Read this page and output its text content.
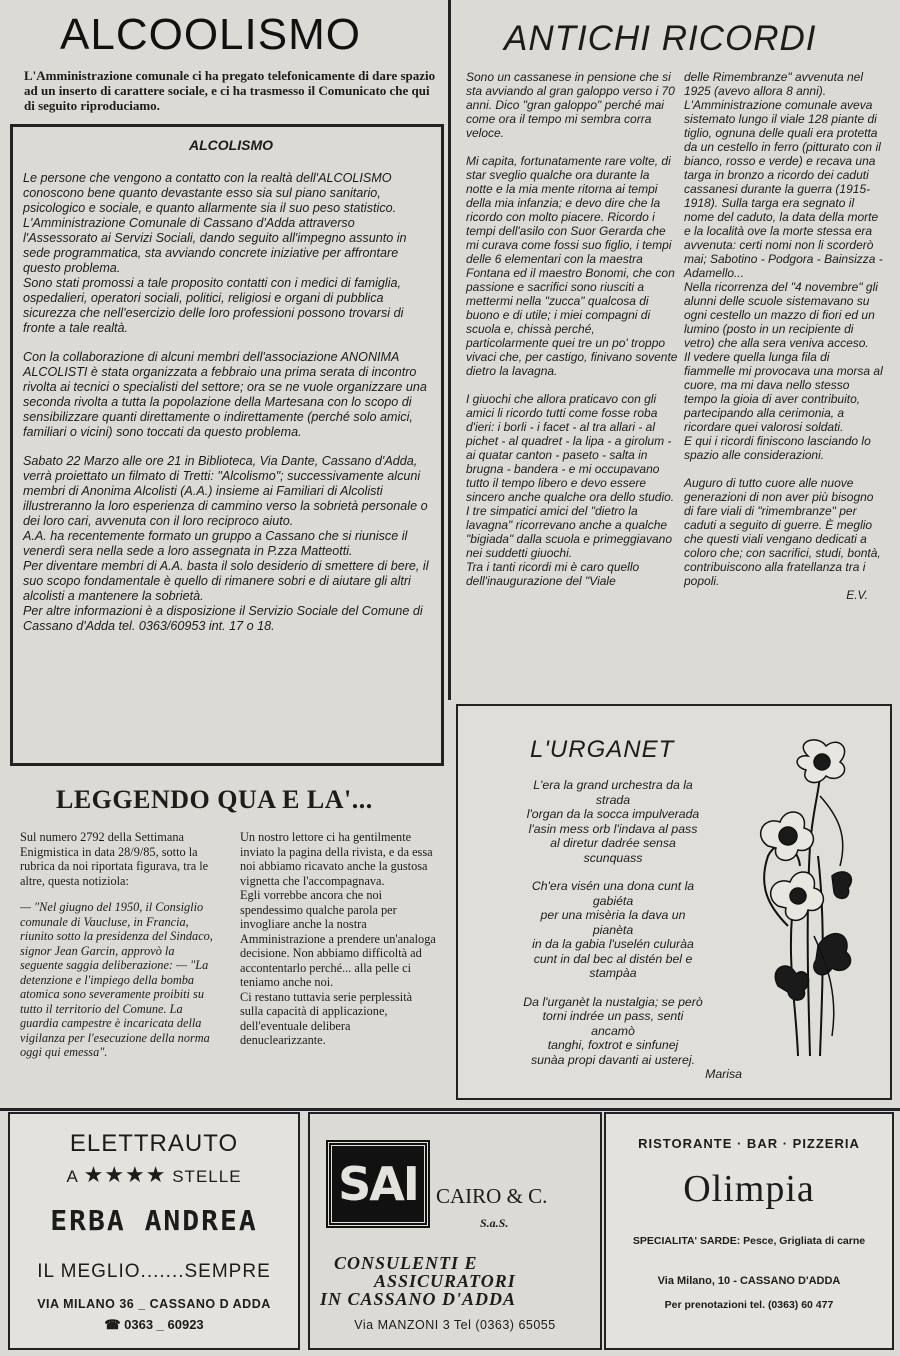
ALCOOLISMO
L'Amministrazione comunale ci ha pregato telefonicamente di dare spazio ad un inserto di carattere sociale, e ci ha trasmesso il Comunicato che qui di seguito riproduciamo.
ALCOLISMO

Le persone che vengono a contatto con la realtà dell'ALCOLISMO conoscono bene quanto devastante esso sia sul piano sanitario, psicologico e sociale, e quanto allarmente sia il suo peso statistico.

L'Amministrazione Comunale di Cassano d'Adda attraverso l'Assessorato ai Servizi Sociali, dando seguito all'impegno assunto in sede programmatica, sta avviando concrete iniziative per affrontare questo problema.

Sono stati promossi a tale proposito contatti con i medici di famiglia, ospedalieri, operatori sociali, politici, religiosi e organi di pubblica sicurezza che nell'esercizio delle loro professioni possono trovarsi di fronte a tale realtà.

Con la collaborazione di alcuni membri dell'associazione ANONIMA ALCOLISTI è stata organizzata a febbraio una prima serata di incontro rivolta ai tecnici o specialisti del settore; ora se ne vuole organizzare una seconda rivolta a tutta la popolazione della Martesana con lo scopo di sensibilizzare quanti direttamente o indirettamente (perché solo amici, familiari o vicini) sono toccati da questo problema.

Sabato 22 Marzo alle ore 21 in Biblioteca, Via Dante, Cassano d'Adda, verrà proiettato un filmato di Tretti: "Alcolismo"; successivamente alcuni membri di Anonima Alcolisti (A.A.) insieme ai Familiari di Alcolisti illustreranno la loro esperienza di cammino verso la sobrietà personale o dei loro cari, avvenuta con il loro reciproco aiuto.

A.A. ha recentemente formato un gruppo a Cassano che si riunisce il venerdì sera nella sede a loro assegnata in P.zza Matteotti.

Per diventare membri di A.A. basta il solo desiderio di smettere di bere, il suo scopo fondamentale è quello di rimanere sobri e di aiutare gli altri alcolisti a mantenere la sobrietà.

Per altre informazioni è a disposizione il Servizio Sociale del Comune di Cassano d'Adda tel. 0363/60953 int. 17 o 18.

ANTICHI RICORDI

Sono un cassanese in pensione che si sta avviando al gran galoppo verso i 70 anni. Dico "gran galoppo" perché mai come ora il tempo mi sembra corra veloce.

Mi capita, fortunatamente rare volte, di star sveglio qualche ora durante la notte e la mia mente ritorna ai tempi della mia infanzia; e devo dire che la ricordo con molto piacere. Ricordo i tempi dell'asilo con Suor Gerarda che mi curava come fossi suo figlio, i tempi delle 6 elementari con la maestra Fontana ed il maestro Bonomi, che con passione e sacrifici sono riusciti a mettermi nella "zucca" qualcosa di buono e di utile; i miei compagni di scuola e, chissà perché, particolarmente quei tre un po' troppo vivaci che, per castigo, finivano sovente dietro la lavagna.

I giuochi che allora praticavo con gli amici li ricordo tutti come fosse roba d'ieri: i borli - i facet - al tra allari - al pichet - al quadret - la lipa - a girolum - ai quatar canton - paseto - salta in brugna - bandera - e mi occupavano tutto il tempo libero e devo essere sincero anche qualche ora dello studio.

I tre simpatici amici del "dietro la lavagna" ricorrevano anche a qualche "bigiada" dalla scuola e primeggiavano nei suddetti giuochi.

Tra i tanti ricordi mi è caro quello dell'inaugurazione del "Viale

delle Rimembranze" avvenuta nel 1925 (avevo allora 8 anni). L'Amministrazione comunale aveva sistemato lungo il viale 128 piante di tiglio, ognuna delle quali era protetta da un cestello in ferro (pitturato con il bianco, rosso e verde) e recava una targa in bronzo a ricordo dei caduti cassanesi durante la guerra (1915-1918). Sulla targa era segnato il nome del caduto, la data della morte e la località ove la morte stessa era avvenuta: certi nomi non li scorderò mai; Sabotino - Podgora - Bainsizza - Adamello...

Nella ricorrenza del "4 novembre" gli alunni delle scuole sistemavano su ogni cestello un mazzo di fiori ed un lumino (posto in un recipiente di vetro) che alla sera veniva acceso.

Il vedere quella lunga fila di fiammelle mi provocava una morsa al cuore, ma mi dava nello stesso tempo la gioia di aver contribuito, partecipando alla cerimonia, a ricordare quei valorosi soldati.

E qui i ricordi finiscono lasciando lo spazio alle considerazioni.

Auguro di tutto cuore alle nuove generazioni di non aver più bisogno di fare viali di "rimembranze" per caduti a seguito di guerre. È meglio che questi viali vengano dedicati a coloro che; con sacrifici, studi, bontà, contribuiscono alla fratellanza tra i popoli.

E.V.

LEGGENDO QUA E LA'...

Sul numero 2792 della Settimana Enigmistica in data 28/9/85, sotto la rubrica da noi riportata figurava, tra le altre, questa notiziola:

— "Nel giugno del 1950, il Consiglio comunale di Vaucluse, in Francia, riunito sotto la presidenza del Sindaco, signor Jean Garcin, approvò la seguente saggia deliberazione: — "La detenzione e l'impiego della bomba atomica sono severamente proibiti su tutto il territorio del Comune. La guardia campestre è incaricata della vigilanza per l'esecuzione della norma oggi qui emessa".

Un nostro lettore ci ha gentilmente inviato la pagina della rivista, e da essa noi abbiamo ricavato anche la gustosa vignetta che l'accompagnava.

Egli vorrebbe ancora che noi spendessimo qualche parola per invogliare anche la nostra Amministrazione a prendere un'analoga decisione. Non abbiamo difficoltà ad accontentarlo perché... alla pelle ci teniamo anche noi.

Ci restano tuttavia serie perplessità sulla capacità di applicazione, dell'eventuale delibera denuclearizzante.

L'URGANET
L'era la grand urchestra da la
strada
l'organ da la socca impulverada
l'asin mess orb l'indava al pass
al diretur dadrée sensa
scunquass
Ch'era visén una dona cunt la
gabiéta
per una misèria la dava un
pianèta
in da la gabia l'uselén culuràa
cunt in dal bec al distén bel e
stampàa
Da l'urganèt la nustalgia; se però
torni indrée un pass, senti
ancamò
tanghi, foxtrot e sinfunej
sunàa propi davanti ai usterej.
Marisa
ELETTRAUTO
A ★★★★ STELLE
ERBA ANDREA
IL MEGLIO.......SEMPRE
VIA MILANO 36 _ CASSANO D ADDA
☎ 0363 _ 60923
SAI CAIRO & C.
S.a.S.
CONSULENTI E
ASSICURATORI
IN CASSANO D'ADDA
Via MANZONI 3 Tel (0363) 65055
RISTORANTE · BAR · PIZZERIA
Olimpia
SPECIALITA' SARDE: Pesce, Grigliata di carne
Via Milano, 10 - CASSANO D'ADDA
Per prenotazioni tel. (0363) 60 477
